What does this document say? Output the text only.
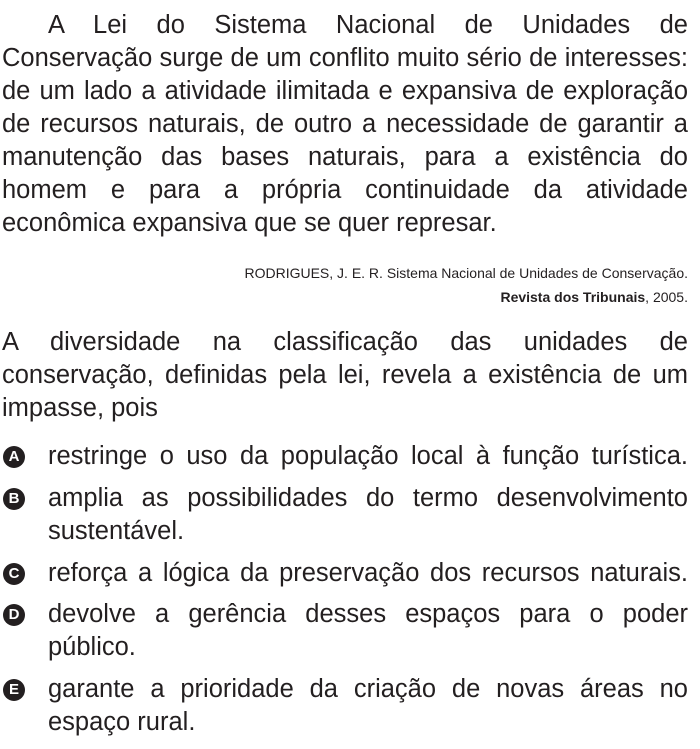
A Lei do Sistema Nacional de Unidades de Conservação surge de um conflito muito sério de interesses: de um lado a atividade ilimitada e expansiva de exploração de recursos naturais, de outro a necessidade de garantir a manutenção das bases naturais, para a existência do homem e para a própria continuidade da atividade econômica expansiva que se quer represar.

RODRIGUES, J. E. R. Sistema Nacional de Unidades de Conservação.
Revista dos Tribunais, 2005.

A diversidade na classificação das unidades de conservação, definidas pela lei, revela a existência de um impasse, pois

A restringe o uso da população local à função turística.
B amplia as possibilidades do termo desenvolvimento sustentável.
C reforça a lógica da preservação dos recursos naturais.
D devolve a gerência desses espaços para o poder público.
E garante a prioridade da criação de novas áreas no espaço rural.
